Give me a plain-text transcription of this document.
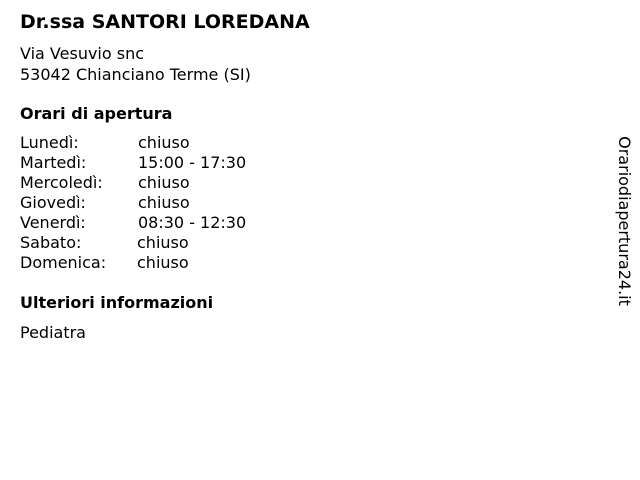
Dr.ssa SANTORI LOREDANA
Via Vesuvio snc
53042 Chianciano Terme (SI)
Orari di apertura
Lunedì:	chiuso
Martedì:	15:00 - 17:30
Mercoledì: chiuso
Giovedì:	chiuso
Venerdì:	08:30 - 12:30
Sabato:	chiuso
Domenica: chiuso
Ulteriori informazioni
Pediatra
Orariodiapertura24.it
